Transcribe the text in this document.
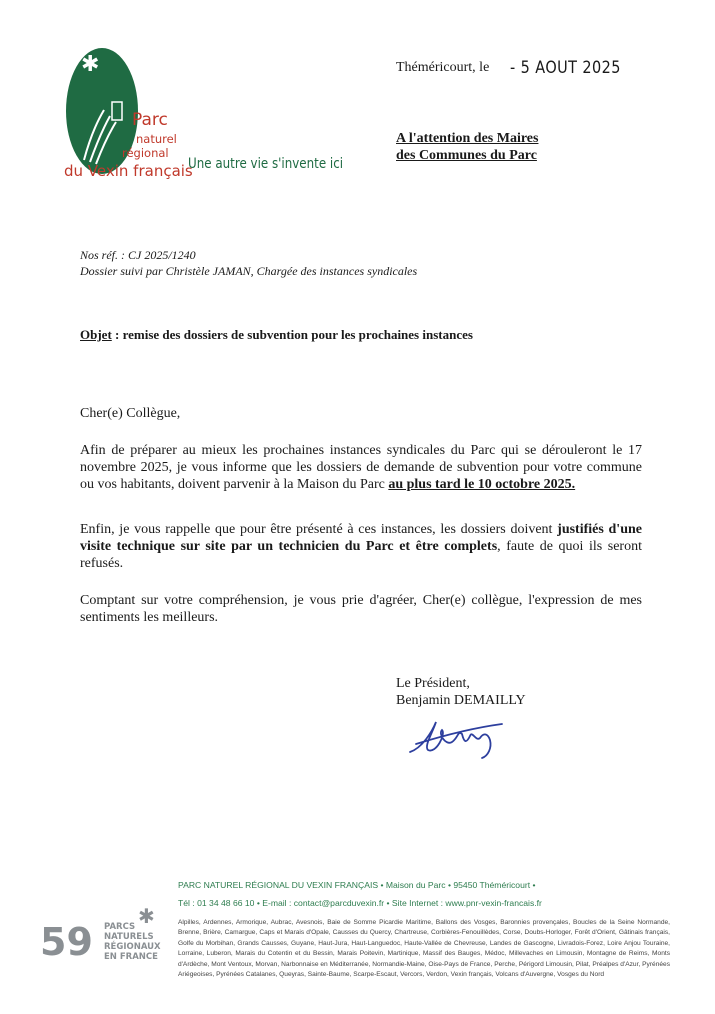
✱
Parc
naturel
régional
du Vexin français
Une autre vie s'invente ici
Théméricourt, le - 5 AOUT 2025
A l'attention des Maires
des Communes du Parc
Nos réf. : CJ 2025/1240
Dossier suivi par Christèle JAMAN, Chargée des instances syndicales
Objet : remise des dossiers de subvention pour les prochaines instances
Cher(e) Collègue,
Afin de préparer au mieux les prochaines instances syndicales du Parc qui se dérouleront le 17 novembre 2025, je vous informe que les dossiers de demande de subvention pour votre commune ou vos habitants, doivent parvenir à la Maison du Parc au plus tard le 10 octobre 2025.
Enfin, je vous rappelle que pour être présenté à ces instances, les dossiers doivent justifiés d'une visite technique sur site par un technicien du Parc et être complets, faute de quoi ils seront refusés.
Comptant sur votre compréhension, je vous prie d'agréer, Cher(e) collègue, l'expression de mes sentiments les meilleurs.
Le Président,
Benjamin DEMAILLY
PARC NATUREL RÉGIONAL DU VEXIN FRANÇAIS • Maison du Parc • 95450 Théméricourt •
Tél : 01 34 48 66 10 • E-mail : contact@parcduvexin.fr • Site Internet : www.pnr-vexin-francais.fr
Alpilles, Ardennes, Armorique, Aubrac, Avesnois, Baie de Somme Picardie Maritime, Ballons des Vosges, Baronnies provençales, Boucles de la Seine Normande, Brenne, Brière, Camargue, Caps et Marais d'Opale, Causses du Quercy, Chartreuse, Corbières-Fenouillèdes, Corse, Doubs-Horloger, Forêt d'Orient, Gâtinais français, Golfe du Morbihan, Grands Causses, Guyane, Haut-Jura, Haut-Languedoc, Haute-Vallée de Chevreuse, Landes de Gascogne, Livradois-Forez, Loire Anjou Touraine, Lorraine, Luberon, Marais du Cotentin et du Bessin, Marais Poitevin, Martinique, Massif des Bauges, Médoc, Millevaches en Limousin, Montagne de Reims, Monts d'Ardèche, Mont Ventoux, Morvan, Narbonnaise en Méditerranée, Normandie-Maine, Oise-Pays de France, Perche, Périgord Limousin, Pilat, Préalpes d'Azur, Pyrénées Ariégeoises, Pyrénées Catalanes, Queyras, Sainte-Baume, Scarpe-Escaut, Vercors, Verdon, Vexin français, Volcans d'Auvergne, Vosges du Nord
59
✱
PARCS
NATURELS
RÉGIONAUX
EN FRANCE
